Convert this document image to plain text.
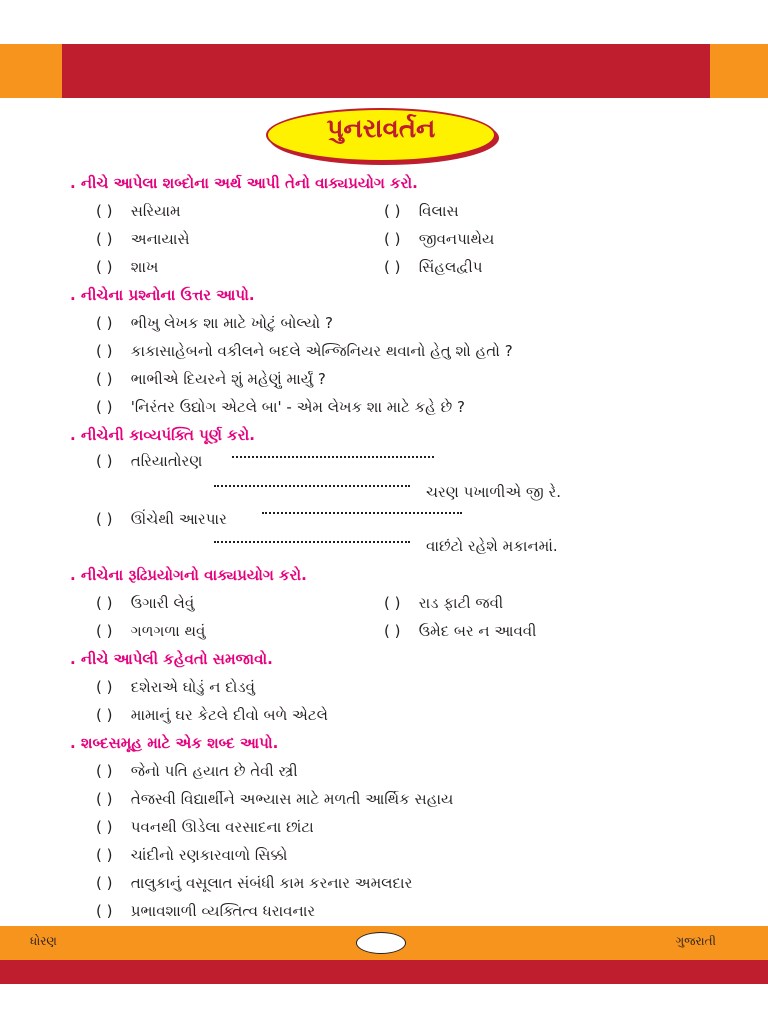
પુનરાવર્તન
. નીચે આપેલા શબ્દોના અર્થ આપી તેનો વાક્યપ્રયોગ કરો.
( ) સરિયામ	( ) વિલાસ
( ) અનાયાસે	( ) જીવનપાથેય
( ) શાખ	( ) સિંહલદ્વીપ
. નીચેના પ્રશ્નોના ઉત્તર આપો.
( ) ભીખુ લેખક શા માટે ખોટું બોલ્યો ?
( ) કાકાસાહેબનો વકીલને બદલે એન્જિનિયર થવાનો હેતુ શો હતો ?
( ) ભાભીએ દિયરને શું મહેણું માર્યું ?
( ) 'નિરંતર ઉદ્યોગ એટલે બા' - એમ લેખક શા માટે કહે છે ?
. નીચેની કાવ્યપંક્તિ પૂર્ણ કરો.
( ) તરિયાતોરણ
ચરણ પખાળીએ જી રે.
( ) ઊંચેથી આરપાર
વાછંટો રહેશે મકાનમાં.
. નીચેના રૂઢિપ્રયોગનો વાક્યપ્રયોગ કરો.
( ) ઉગારી લેવું	( ) રાડ ફાટી જવી
( ) ગળગળા થવું	( ) ઉમેદ બર ન આવવી
. નીચે આપેલી કહેવતો સમજાવો.
( ) દશેરાએ ઘોડું ન દોડવું
( ) મામાનું ઘર કેટલે દીવો બળે એટલે
. શબ્દસમૂહ માટે એક શબ્દ આપો.
( ) જેનો પતિ હયાત છે તેવી સ્ત્રી
( ) તેજસ્વી વિદ્યાર્થીને અભ્યાસ માટે મળતી આર્થિક સહાય
( ) પવનથી ઊડેલા વરસાદના છાંટા
( ) ચાંદીનો રણકારવાળો સિક્કો
( ) તાલુકાનું વસૂલાત સંબંધી કામ કરનાર અમલદાર
( ) પ્રભાવશાળી વ્યક્તિત્વ ધરાવનાર
ધોરણ	ગુજરાતી
